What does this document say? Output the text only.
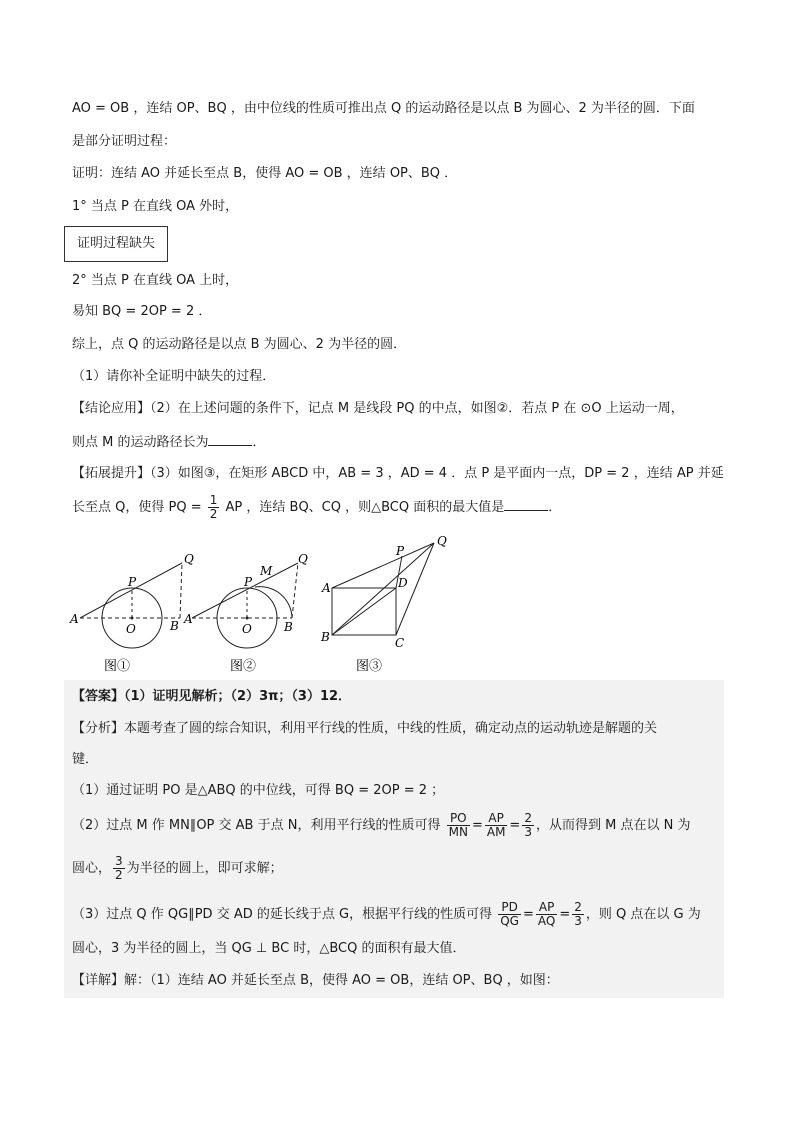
AO = OB ，连结 OP、BQ ，由中位线的性质可推出点 Q 的运动路径是以点 B 为圆心、2 为半径的圆．下面
是部分证明过程：
证明：连结 AO 并延长至点 B，使得 AO = OB ，连结 OP、BQ ．
1° 当点 P 在直线 OA 外时，
证明过程缺失
2° 当点 P 在直线 OA 上时，
易知 BQ = 2OP = 2 ．
综上，点 Q 的运动路径是以点 B 为圆心、2 为半径的圆．
（1）请你补全证明中缺失的过程．
【结论应用】（2）在上述问题的条件下，记点 M 是线段 PQ 的中点，如图②．若点 P 在 ⊙O 上运动一周，
则点 M 的运动路径长为	．
【拓展提升】（3）如图③，在矩形 ABCD 中，AB = 3 ，AD = 4 ．点 P 是平面内一点，DP = 2 ，连结 AP 并延
长至点 Q，使得 PQ = $\frac{1}{2}$ AP ，连结 BQ、CQ ，则△BCQ 面积的最大值是	．
Q
P
A
O	B
图①
P
M
Q
A
O	B
图②
P
Q
A	D
B	C
图③
【答案】（1）证明见解析；（2）3π；（3）12．
【分析】本题考查了圆的综合知识，利用平行线的性质，中线的性质，确定动点的运动轨迹是解题的关
键．
（1）通过证明 PO 是△ABQ 的中位线，可得 BQ = 2OP = 2 ；
（2）过点 M 作 MN∥OP 交 AB 于点 N，利用平行线的性质可得 $\frac{PO}{MN} = \frac{AP}{AM} = \frac{2}{3}$ ，从而得到 M 点在以 N 为
圆心， $\frac{3}{2}$ 为半径的圆上，即可求解；
（3）过点 Q 作 QG∥PD 交 AD 的延长线于点 G，根据平行线的性质可得 $\frac{PD}{QG} = \frac{AP}{AQ} = \frac{2}{3}$ ，则 Q 点在以 G 为
圆心，3 为半径的圆上，当 QG ⊥ BC 时，△BCQ 的面积有最大值．
【详解】解：（1）连结 AO 并延长至点 B，使得 AO = OB，连结 OP、BQ ，如图：
